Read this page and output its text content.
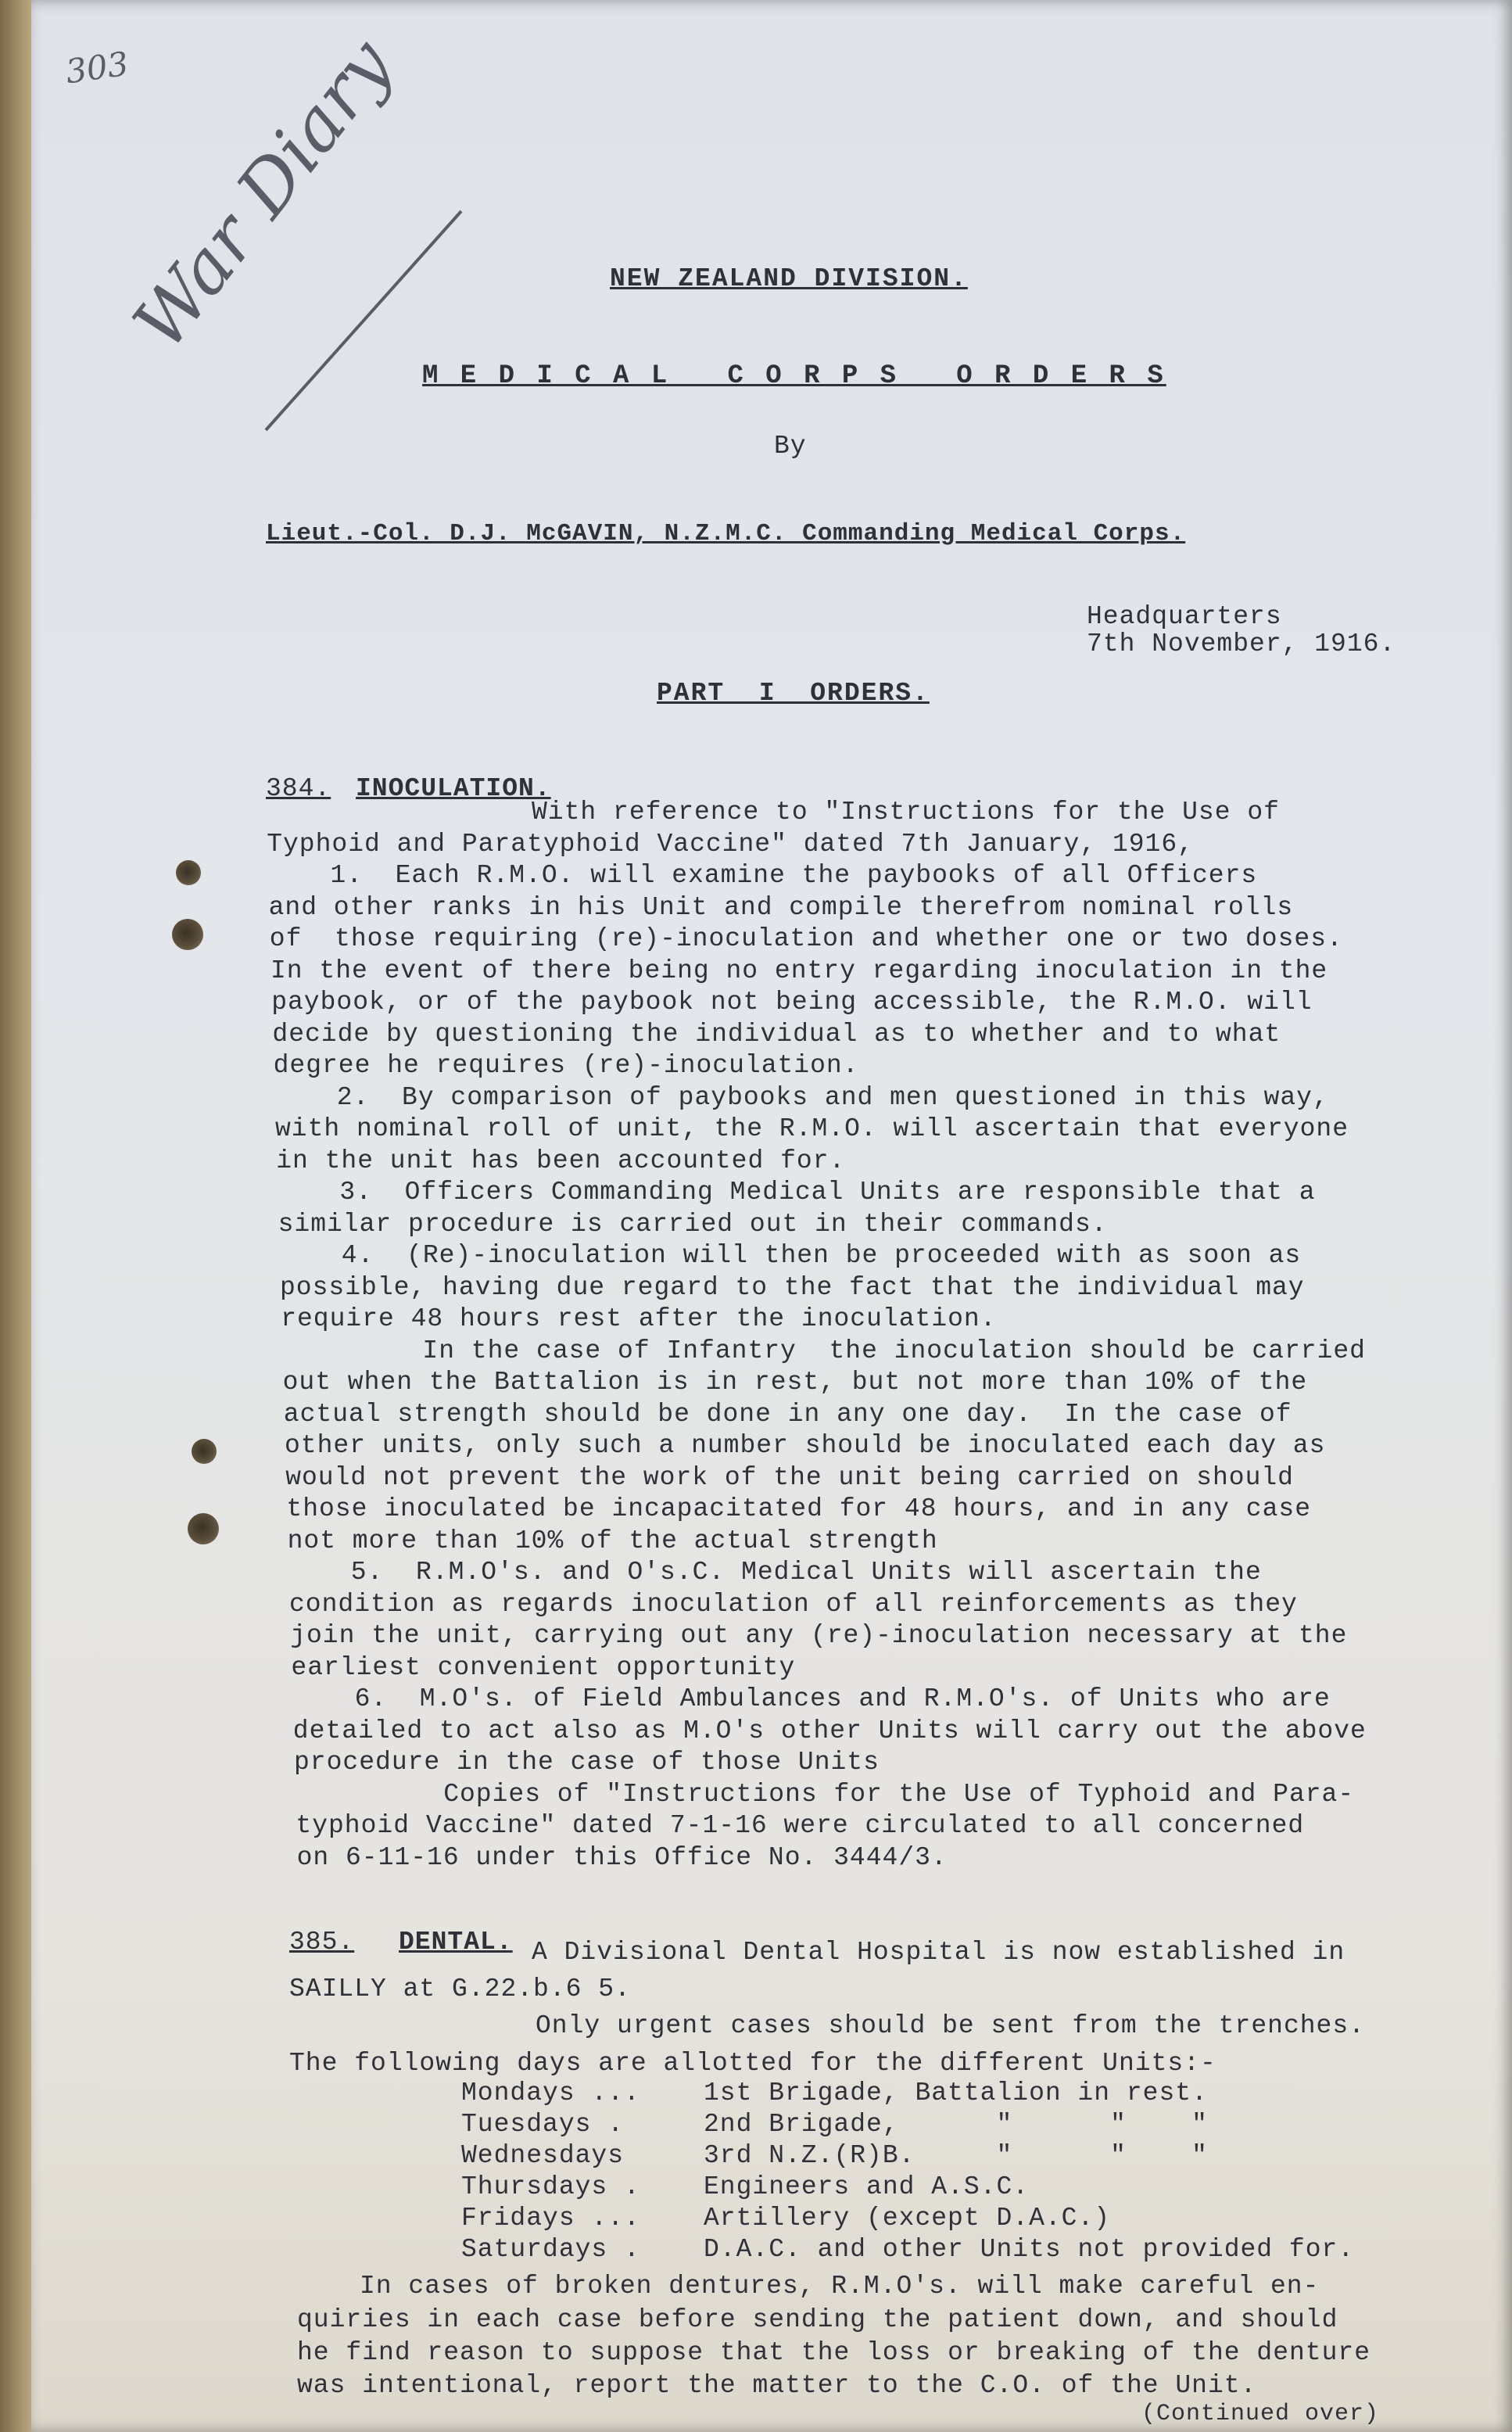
303
War Diary	NEW ZEALAND DIVISION.
M E D I C A L   C O R P S   O R D E R S
By
Lieut.-Col. D.J. McGAVIN, N.Z.M.C. Commanding Medical Corps.
Headquarters
7th November, 1916.
PART  I  ORDERS.
384. INOCULATION.
With reference to "Instructions for the Use of
Typhoid and Paratyphoid Vaccine" dated 7th January, 1916,
1.  Each R.M.O. will examine the paybooks of all Officers
and other ranks in his Unit and compile therefrom nominal rolls
of  those requiring (re)-inoculation and whether one or two doses.
In the event of there being no entry regarding inoculation in the
paybook, or of the paybook not being accessible, the R.M.O. will
decide by questioning the individual as to whether and to what
degree he requires (re)-inoculation.
2.  By comparison of paybooks and men questioned in this way,
with nominal roll of unit, the R.M.O. will ascertain that everyone
in the unit has been accounted for.
3.  Officers Commanding Medical Units are responsible that a
similar procedure is carried out in their commands.
4.  (Re)-inoculation will then be proceeded with as soon as
possible, having due regard to the fact that the individual may
require 48 hours rest after the inoculation.
In the case of Infantry  the inoculation should be carried
out when the Battalion is in rest, but not more than 10% of the
actual strength should be done in any one day.  In the case of
other units, only such a number should be inoculated each day as
would not prevent the work of the unit being carried on should
those inoculated be incapacitated for 48 hours, and in any case
not more than 10% of the actual strength
5.  R.M.O's. and O's.C. Medical Units will ascertain the
condition as regards inoculation of all reinforcements as they
join the unit, carrying out any (re)-inoculation necessary at the
earliest convenient opportunity
6.  M.O's. of Field Ambulances and R.M.O's. of Units who are
detailed to act also as M.O's other Units will carry out the above
procedure in the case of those Units
Copies of "Instructions for the Use of Typhoid and Para-
typhoid Vaccine" dated 7-1-16 were circulated to all concerned
on 6-11-16 under this Office No. 3444/3.
385. DENTAL. A Divisional Dental Hospital is now established in
SAILLY at G.22.b.6 5.
Only urgent cases should be sent from the trenches.
The following days are allotted for the different Units:-
Mondays ... 1st Brigade, Battalion in rest.
Tuesdays .	2nd Brigade,      "      "    "
Wednesdays	3rd N.Z.(R)B.     "      "    "
Thursdays . Engineers and A.S.C.
Fridays ... Artillery (except D.A.C.)
Saturdays . D.A.C. and other Units not provided for.
In cases of broken dentures, R.M.O's. will make careful en-
quiries in each case before sending the patient down, and should
he find reason to suppose that the loss or breaking of the denture
was intentional, report the matter to the C.O. of the Unit.
(Continued over)
